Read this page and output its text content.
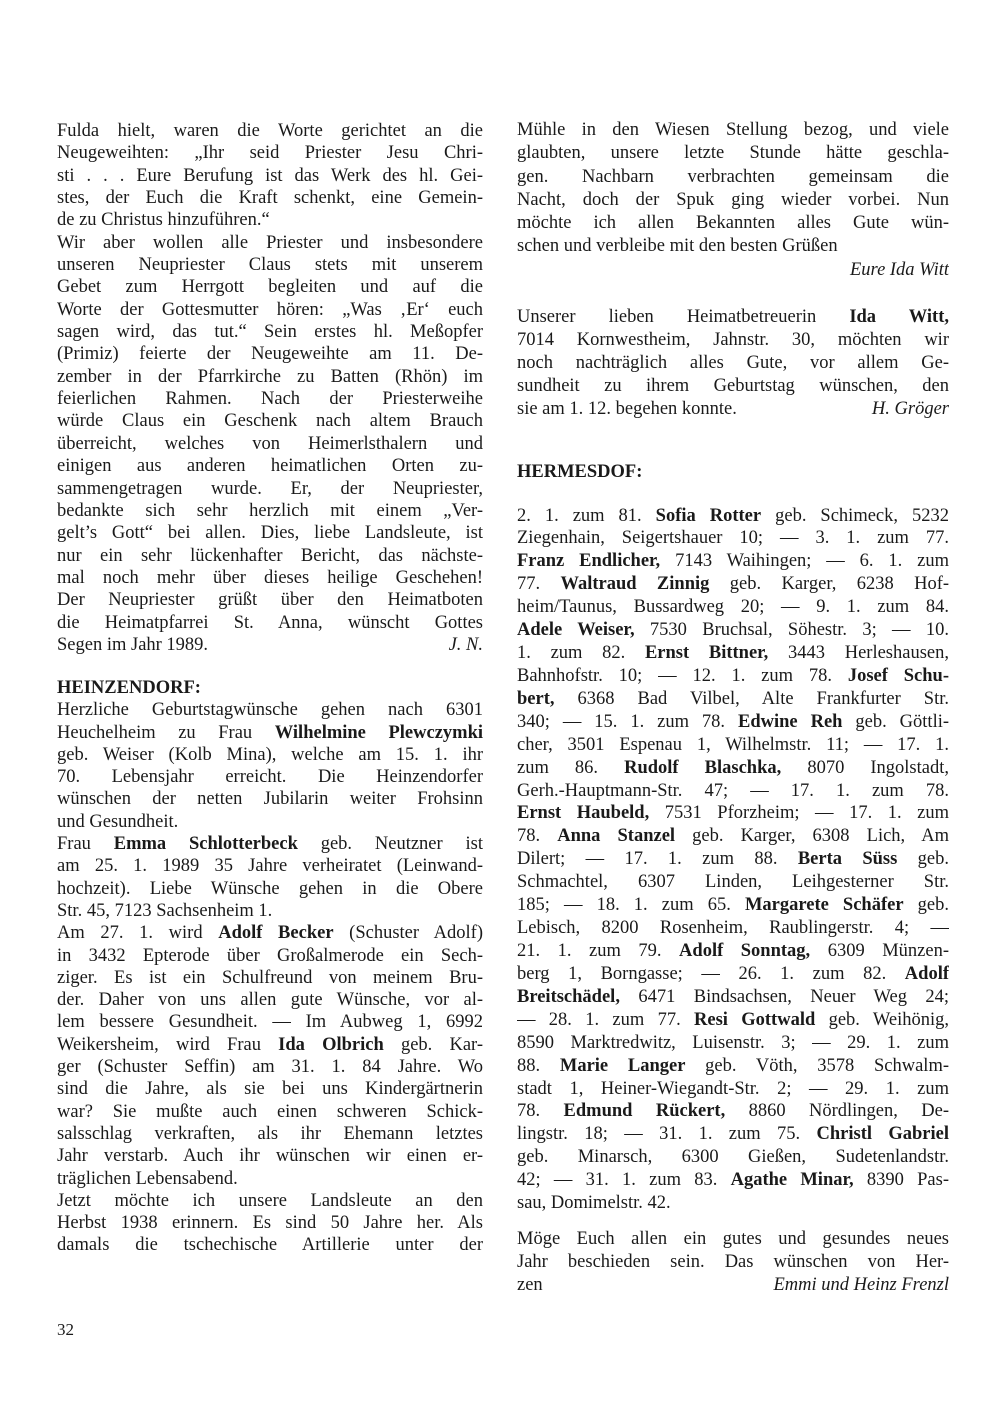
Fulda hielt, waren die Worte gerichtet an die
Neugeweihten: „Ihr seid Priester Jesu Chri-
sti . . . Eure Berufung ist das Werk des hl. Gei-
stes, der Euch die Kraft schenkt, eine Gemein-
de zu Christus hinzuführen.“
Wir aber wollen alle Priester und insbesondere
unseren Neupriester Claus stets mit unserem
Gebet zum Herrgott begleiten und auf die
Worte der Gottesmutter hören: „Was ‚Er‘ euch
sagen wird, das tut.“ Sein erstes hl. Meßopfer
(Primiz) feierte der Neugeweihte am 11. De-
zember in der Pfarrkirche zu Batten (Rhön) im
feierlichen Rahmen. Nach der Priesterweihe
würde Claus ein Geschenk nach altem Brauch
überreicht, welches von Heimerlsthalern und
einigen aus anderen heimatlichen Orten zu-
sammengetragen wurde. Er, der Neupriester,
bedankte sich sehr herzlich mit einem „Ver-
gelt’s Gott“ bei allen. Dies, liebe Landsleute, ist
nur ein sehr lückenhafter Bericht, das nächste-
mal noch mehr über dieses heilige Geschehen!
Der Neupriester grüßt über den Heimatboten
die Heimatpfarrei St. Anna, wünscht Gottes
Segen im Jahr 1989.	J. N.
HEINZENDORF:
Herzliche Geburtstagwünsche gehen nach 6301
Heuchelheim zu Frau Wilhelmine Plewczymki
geb. Weiser (Kolb Mina), welche am 15. 1. ihr
70. Lebensjahr erreicht. Die Heinzendorfer
wünschen der netten Jubilarin weiter Frohsinn
und Gesundheit.
Frau Emma Schlotterbeck geb. Neutzner ist
am 25. 1. 1989 35 Jahre verheiratet (Leinwand-
hochzeit). Liebe Wünsche gehen in die Obere
Str. 45, 7123 Sachsenheim 1.
Am 27. 1. wird Adolf Becker (Schuster Adolf)
in 3432 Epterode über Großalmerode ein Sech-
ziger. Es ist ein Schulfreund von meinem Bru-
der. Daher von uns allen gute Wünsche, vor al-
lem bessere Gesundheit. — Im Aubweg 1, 6992
Weikersheim, wird Frau Ida Olbrich geb. Kar-
ger (Schuster Seffin) am 31. 1. 84 Jahre. Wo
sind die Jahre, als sie bei uns Kindergärtnerin
war? Sie mußte auch einen schweren Schick-
salsschlag verkraften, als ihr Ehemann letztes
Jahr verstarb. Auch ihr wünschen wir einen er-
träglichen Lebensabend.
Jetzt möchte ich unsere Landsleute an den
Herbst 1938 erinnern. Es sind 50 Jahre her. Als
damals die tschechische Artillerie unter der
Mühle in den Wiesen Stellung bezog, und viele
glaubten, unsere letzte Stunde hätte geschla-
gen. Nachbarn verbrachten gemeinsam die
Nacht, doch der Spuk ging wieder vorbei. Nun
möchte ich allen Bekannten alles Gute wün-
schen und verbleibe mit den besten Grüßen
Eure Ida Witt
Unserer lieben Heimatbetreuerin Ida Witt,
7014 Kornwestheim, Jahnstr. 30, möchten wir
noch nachträglich alles Gute, vor allem Ge-
sundheit zu ihrem Geburtstag wünschen, den
sie am 1. 12. begehen konnte.	H. Gröger
HERMESDOF:
2. 1. zum 81. Sofia Rotter geb. Schimeck, 5232
Ziegenhain, Seigertshauer 10; — 3. 1. zum 77.
Franz Endlicher, 7143 Waihingen; — 6. 1. zum
77. Waltraud Zinnig geb. Karger, 6238 Hof-
heim/Taunus, Bussardweg 20; — 9. 1. zum 84.
Adele Weiser, 7530 Bruchsal, Söhestr. 3; — 10.
1. zum 82. Ernst Bittner, 3443 Herleshausen,
Bahnhofstr. 10; — 12. 1. zum 78. Josef Schu-
bert, 6368 Bad Vilbel, Alte Frankfurter Str.
340; — 15. 1. zum 78. Edwine Reh geb. Göttli-
cher, 3501 Espenau 1, Wilhelmstr. 11; — 17. 1.
zum 86. Rudolf Blaschka, 8070 Ingolstadt,
Gerh.-Hauptmann-Str. 47; — 17. 1. zum 78.
Ernst Haubeld, 7531 Pforzheim; — 17. 1. zum
78. Anna Stanzel geb. Karger, 6308 Lich, Am
Dilert; — 17. 1. zum 88. Berta Süss geb.
Schmachtel, 6307 Linden, Leihgesterner Str.
185; — 18. 1. zum 65. Margarete Schäfer geb.
Lebisch, 8200 Rosenheim, Raublingerstr. 4; —
21. 1. zum 79. Adolf Sonntag, 6309 Münzen-
berg 1, Borngasse; — 26. 1. zum 82. Adolf
Breitschädel, 6471 Bindsachsen, Neuer Weg 24;
— 28. 1. zum 77. Resi Gottwald geb. Weihönig,
8590 Marktredwitz, Luisenstr. 3; — 29. 1. zum
88. Marie Langer geb. Vöth, 3578 Schwalm-
stadt 1, Heiner-Wiegandt-Str. 2; — 29. 1. zum
78. Edmund Rückert, 8860 Nördlingen, De-
lingstr. 18; — 31. 1. zum 75. Christl Gabriel
geb. Minarsch, 6300 Gießen, Sudetenlandstr.
42; — 31. 1. zum 83. Agathe Minar, 8390 Pas-
sau, Domimelstr. 42.
Möge Euch allen ein gutes und gesundes neues
Jahr beschieden sein. Das wünschen von Her-
zen	Emmi und Heinz Frenzl
32
